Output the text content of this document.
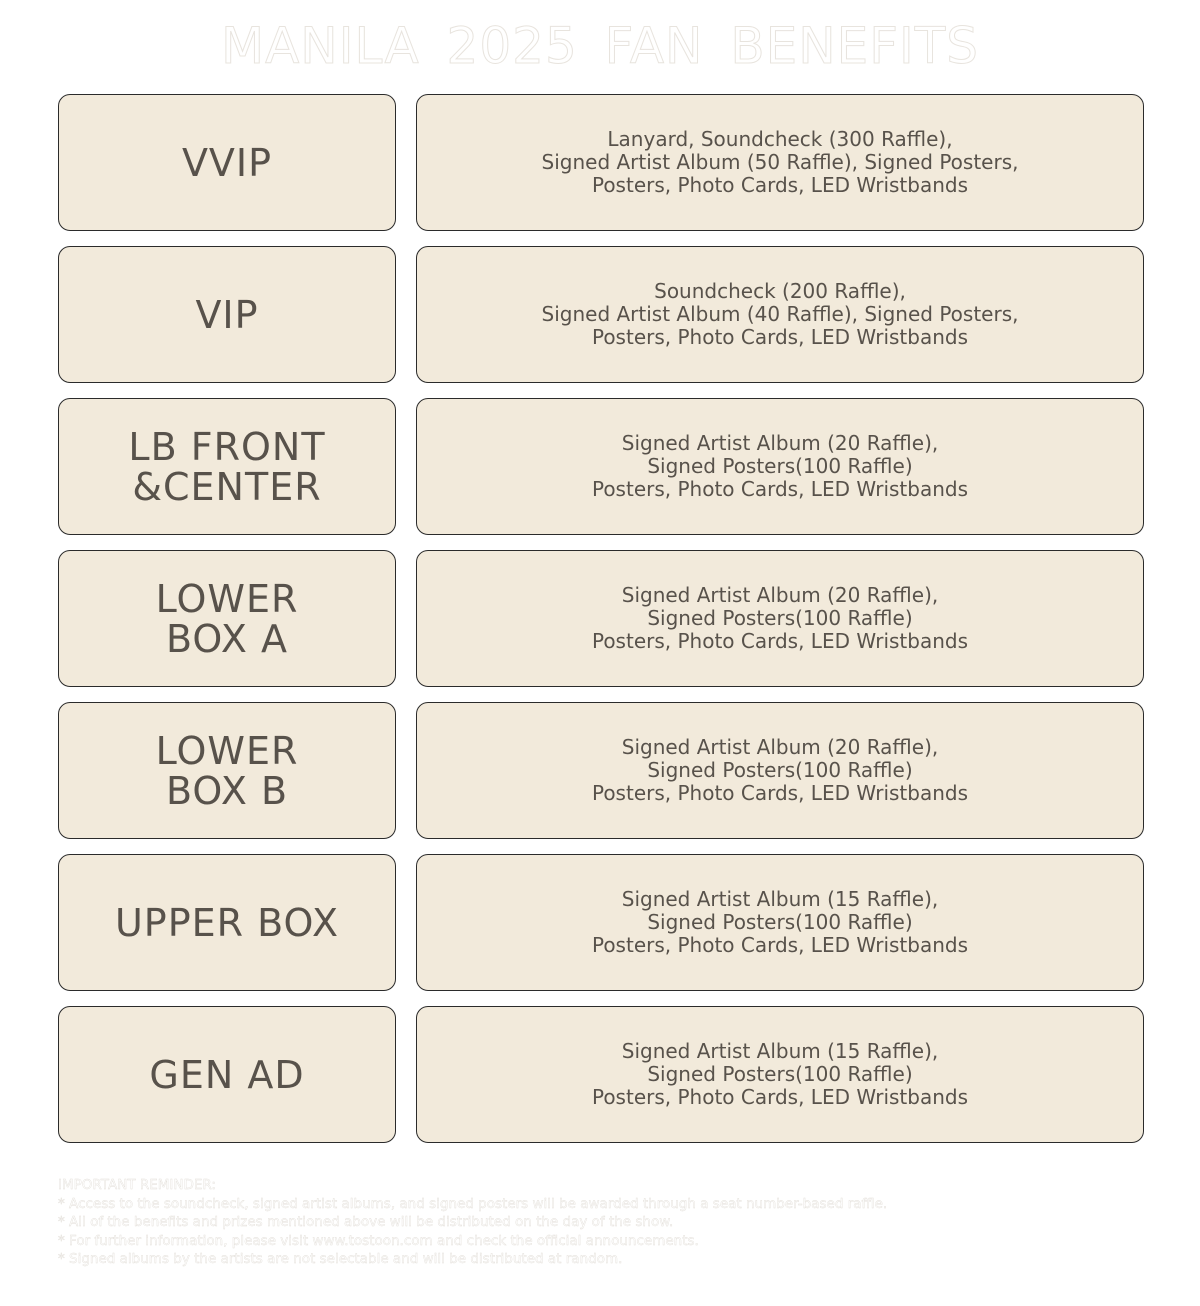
MANILA 2025 FAN BENEFITS
VVIP
Lanyard, Soundcheck (300 Raffle),
Signed Artist Album (50 Raffle), Signed Posters,
Posters, Photo Cards, LED Wristbands
VIP
Soundcheck (200 Raffle),
Signed Artist Album (40 Raffle), Signed Posters,
Posters, Photo Cards, LED Wristbands
LB FRONT
&CENTER
Signed Artist Album (20 Raffle),
Signed Posters(100 Raffle)
Posters, Photo Cards, LED Wristbands
LOWER
BOX A
Signed Artist Album (20 Raffle),
Signed Posters(100 Raffle)
Posters, Photo Cards, LED Wristbands
LOWER
BOX B
Signed Artist Album (20 Raffle),
Signed Posters(100 Raffle)
Posters, Photo Cards, LED Wristbands
UPPER BOX
Signed Artist Album (15 Raffle),
Signed Posters(100 Raffle)
Posters, Photo Cards, LED Wristbands
GEN AD
Signed Artist Album (15 Raffle),
Signed Posters(100 Raffle)
Posters, Photo Cards, LED Wristbands
IMPORTANT REMINDER:
* Access to the soundcheck, signed artist albums, and signed posters will be awarded through a seat number-based raffle.
* All of the benefits and prizes mentioned above will be distributed on the day of the show.
* For further information, please visit www.tostoon.com and check the official announcements.
* Signed albums by the artists are not selectable and will be distributed at random.
